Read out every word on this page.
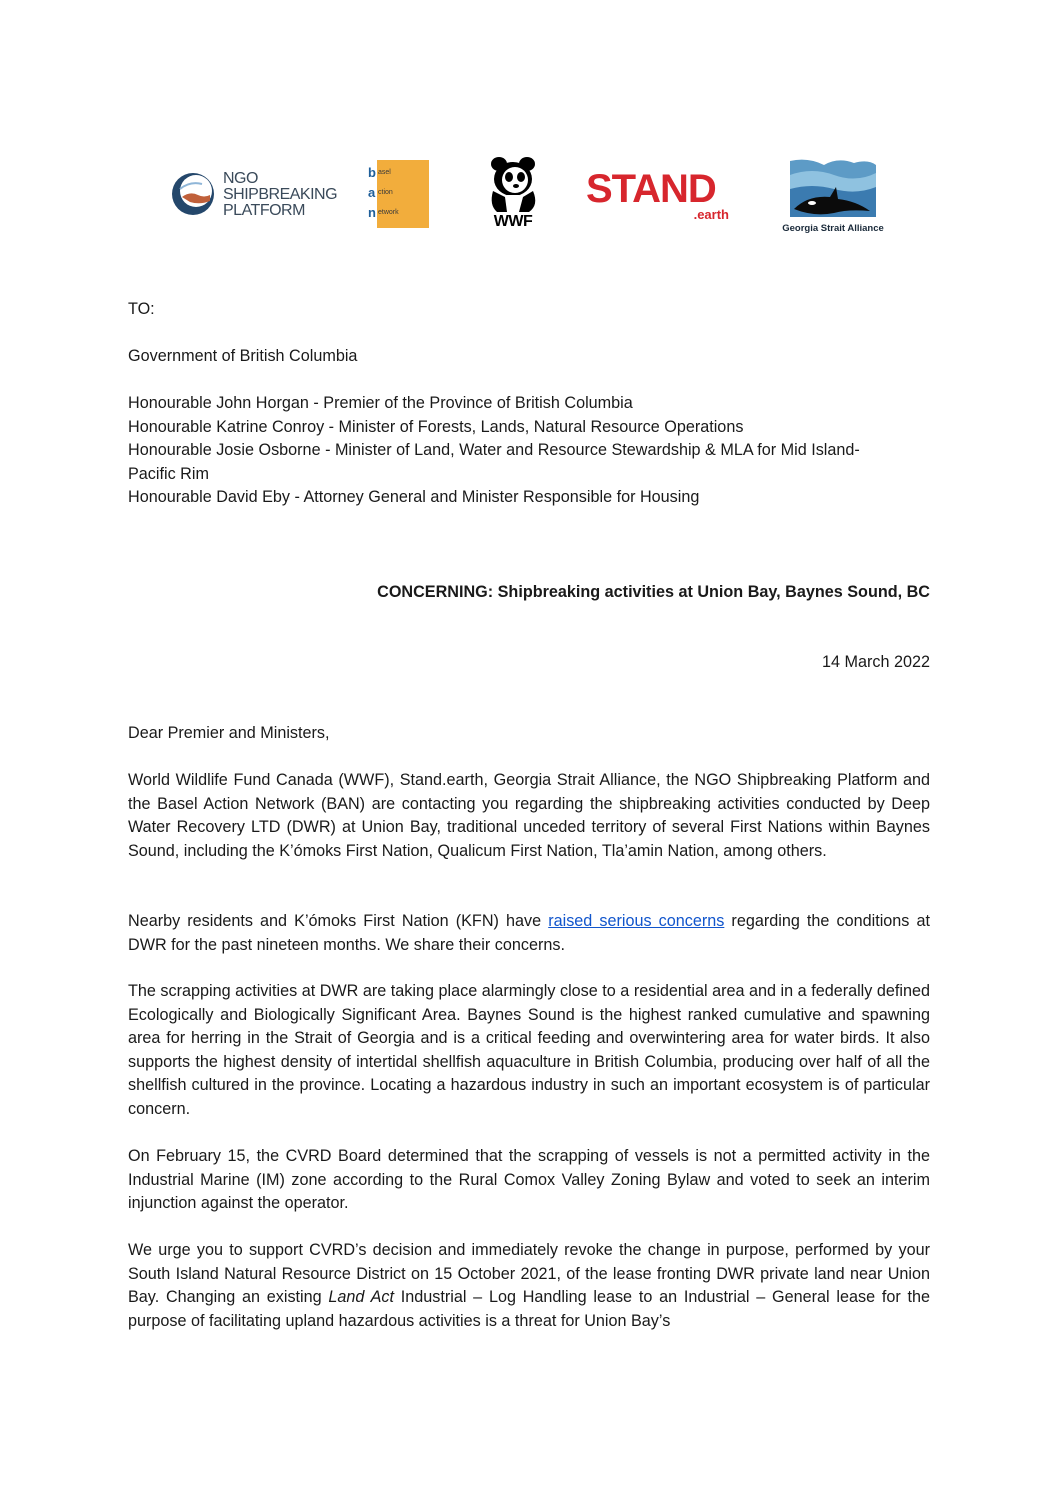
NGO
SHIPBREAKING
PLATFORM
b
a
n
asel
ction
etwork
WWF
STAND
.earth
Georgia Strait Alliance
TO:
Government of British Columbia

Honourable John Horgan - Premier of the Province of British Columbia

Honourable Katrine Conroy - Minister of Forests, Lands, Natural Resource Operations

Honourable Josie Osborne - Minister of Land, Water and Resource Stewardship & MLA for Mid Island-Pacific Rim

Honourable David Eby - Attorney General and Minister Responsible for Housing

CONCERNING: Shipbreaking activities at Union Bay, Baynes Sound, BC
14 March 2022
Dear Premier and Ministers,
World Wildlife Fund Canada (WWF), Stand.earth, Georgia Strait Alliance, the NGO Shipbreaking Platform and the Basel Action Network (BAN) are contacting you regarding the shipbreaking activities conducted by Deep Water Recovery LTD (DWR) at Union Bay, traditional unceded territory of several First Nations within Baynes Sound, including the K’ómoks First Nation, Qualicum First Nation, Tla’amin Nation, among others.
Nearby residents and K’ómoks First Nation (KFN) have raised serious concerns regarding the conditions at DWR for the past nineteen months. We share their concerns.
The scrapping activities at DWR are taking place alarmingly close to a residential area and in a federally defined Ecologically and Biologically Significant Area. Baynes Sound is the highest ranked cumulative and spawning area for herring in the Strait of Georgia and is a critical feeding and overwintering area for water birds. It also supports the highest density of intertidal shellfish aquaculture in British Columbia, producing over half of all the shellfish cultured in the province. Locating a hazardous industry in such an important ecosystem is of particular concern.
On February 15, the CVRD Board determined that the scrapping of vessels is not a permitted activity in the Industrial Marine (IM) zone according to the Rural Comox Valley Zoning Bylaw and voted to seek an interim injunction against the operator.
We urge you to support CVRD’s decision and immediately revoke the change in purpose, performed by your South Island Natural Resource District on 15 October 2021, of the lease fronting DWR private land near Union Bay. Changing an existing Land Act Industrial – Log Handling lease to an Industrial – General lease for the purpose of facilitating upland hazardous activities is a threat for Union Bay’s
